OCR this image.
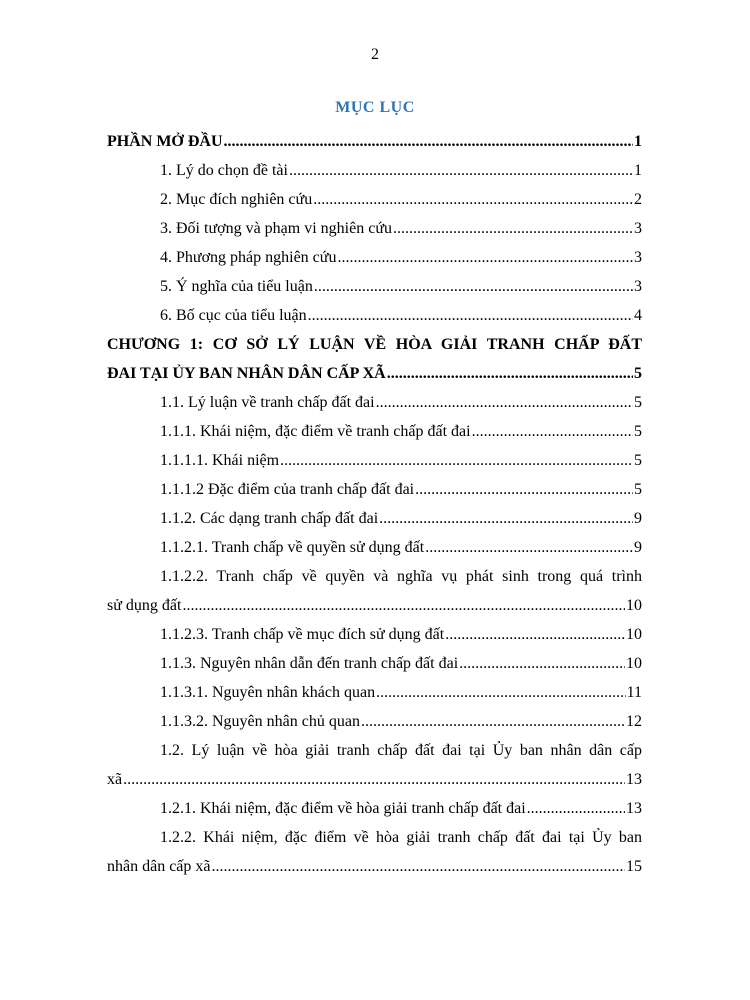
2
MỤC LỤC
PHẦN MỞ ĐẦU .....	1
1. Lý do chọn đề tài .....	1
2. Mục đích nghiên cứu .....	2
3. Đối tượng và phạm vi nghiên cứu .....	3
4. Phương pháp nghiên cứu .....	3
5. Ý nghĩa của tiểu luận .....	3
6. Bố cục của tiểu luận .....	4
CHƯƠNG 1: CƠ SỞ LÝ LUẬN VỀ HÒA GIẢI TRANH CHẤP ĐẤT
ĐAI TẠI ỦY BAN NHÂN DÂN CẤP XÃ .....	5
1.1. Lý luận về tranh chấp đất đai .....	5
1.1.1. Khái niệm, đặc điểm về tranh chấp đất đai .....	5
1.1.1.1. Khái niệm .....	5
1.1.1.2 Đặc điểm của tranh chấp đất đai .....	5
1.1.2. Các dạng tranh chấp đất đai .....	9
1.1.2.1. Tranh chấp về quyền sử dụng đất .....	9
1.1.2.2. Tranh chấp về quyền và nghĩa vụ phát sinh trong quá trình
sử dụng đất .....	10
1.1.2.3. Tranh chấp về mục đích sử dụng đất .....	10
1.1.3. Nguyên nhân dẫn đến tranh chấp đất đai .....	10
1.1.3.1. Nguyên nhân khách quan .....	11
1.1.3.2. Nguyên nhân chủ quan .....	12
1.2. Lý luận về hòa giải tranh chấp đất đai tại Ủy ban nhân dân cấp
xã .....	13
1.2.1. Khái niệm, đặc điểm về hòa giải tranh chấp đất đai .....	13
1.2.2. Khái niệm, đặc điểm về hòa giải tranh chấp đất đai tại Ủy ban
nhân dân cấp xã .....	15
